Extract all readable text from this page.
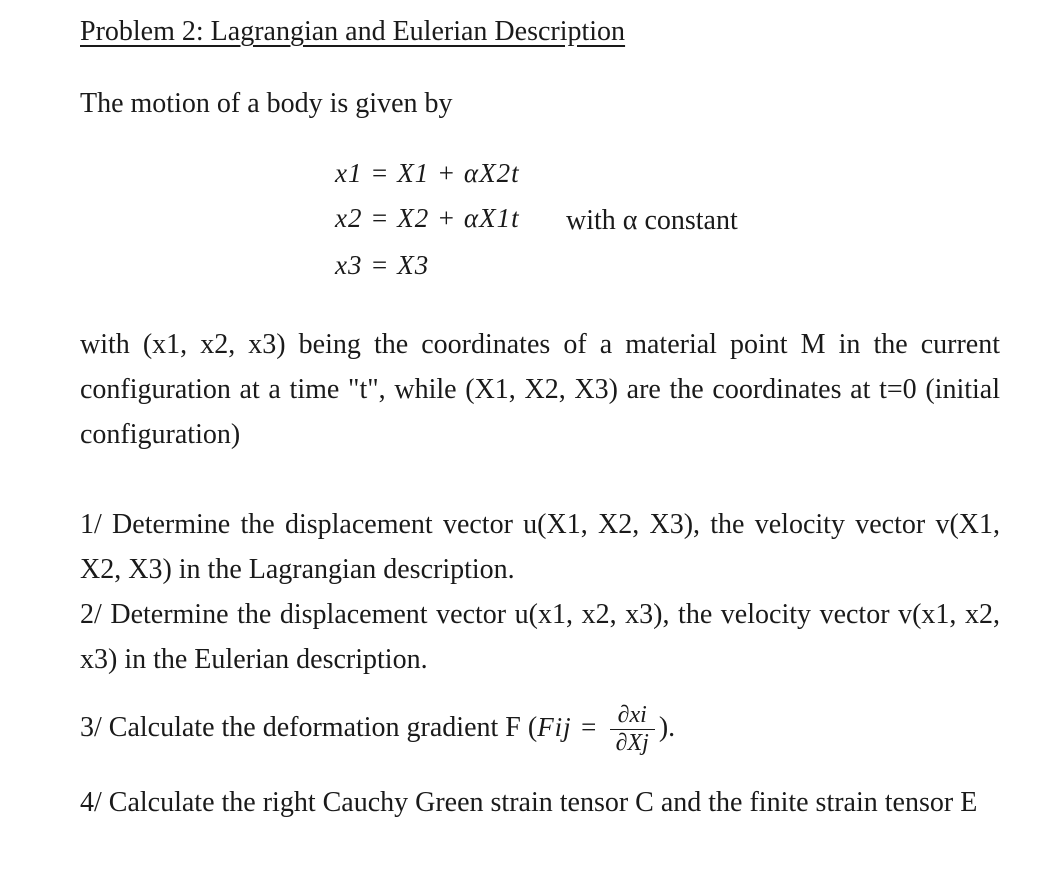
Problem 2: Lagrangian and Eulerian Description
The motion of a body is given by
x1 = X1 + αX2t
x2 = X2 + αX1t
x3 = X3
with α constant
with (x1, x2, x3) being the coordinates of a material point M in the current configuration at a time "t", while (X1, X2, X3) are the coordinates at t=0 (initial configuration)
1/ Determine the displacement vector u(X1, X2, X3), the velocity vector v(X1, X2, X3) in the Lagrangian description.
2/ Determine the displacement vector u(x1, x2, x3), the velocity vector v(x1, x2, x3) in the Eulerian description.
3/ Calculate the deformation gradient F ($Fij = \frac{\partial xi}{\partial Xj}$ ).
4/ Calculate the right Cauchy Green strain tensor C and the finite strain tensor E
